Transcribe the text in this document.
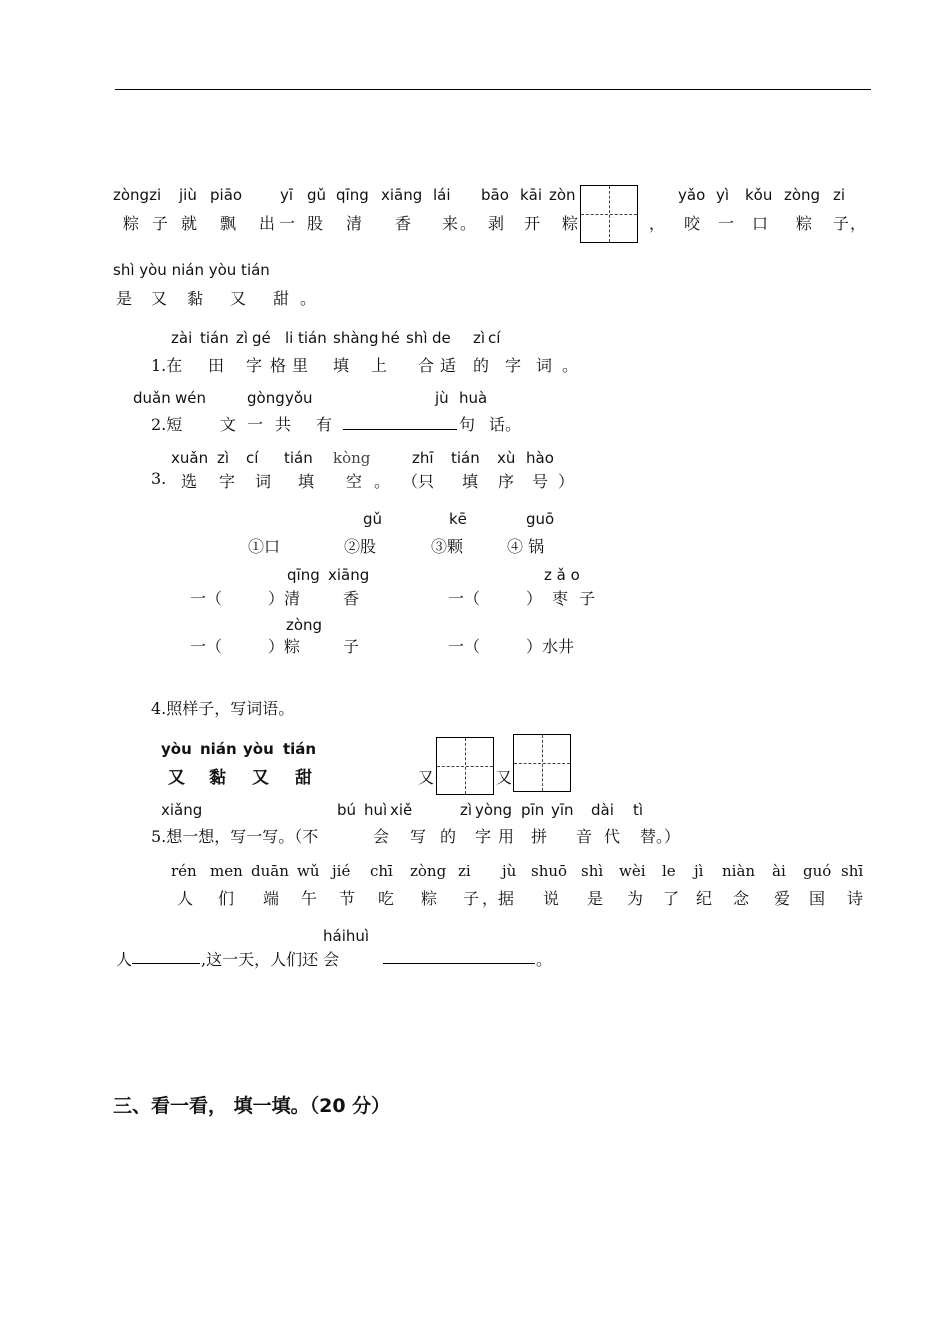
zòngzi jiù piāo	yī gǔ qīng xiāng lái bāo kāi zòn	yǎo yì kǒu zòng zi
粽 子 就 飘 出 一 股 清 香 来 。 剥 开 粽	， 咬 一 口 粽 子 ，
shì yòu nián yòu tián
是 又 黏 又 甜 。
zài tián zì gé li tián shàng hé shì de zì cí
1.在 田 字 格 里 填 上 合 适 的 字 词 。
duǎn wén	gòng yǒu	jù huà
2.短 文 一 共 有	句 话。
xuǎn zì cí tián kòng	zhī tián xù hào
3. 选 字 词 填 空 。 （只 填 序 号 ）
gǔ	kē	guō
①口	②股	③颗	④ 锅
qīng xiāng	z ǎ o
一（	）清	香	一（	） 枣 子
zòng
一（	）粽	子	一（	）水井
4.照样子，写词语。
yòu nián yòu tián
又 黏 又 甜	又	又
xiǎng	bú huì xiě	zì yòng pīn yīn dài tì
5.想一想，写一写。（不	会 写 的 字 用 拼 音 代 替。）
rén men duān wǔ jié chī zòng zi jù shuō shì wèi le jì niàn ài guó shī
人 们 端 午 节 吃 粽 子 ，据 说 是 为 了 纪 念 爱 国 诗
háihuì
人	,这一天，人们还 会	。
三、看一看， 填一填。（20 分）
